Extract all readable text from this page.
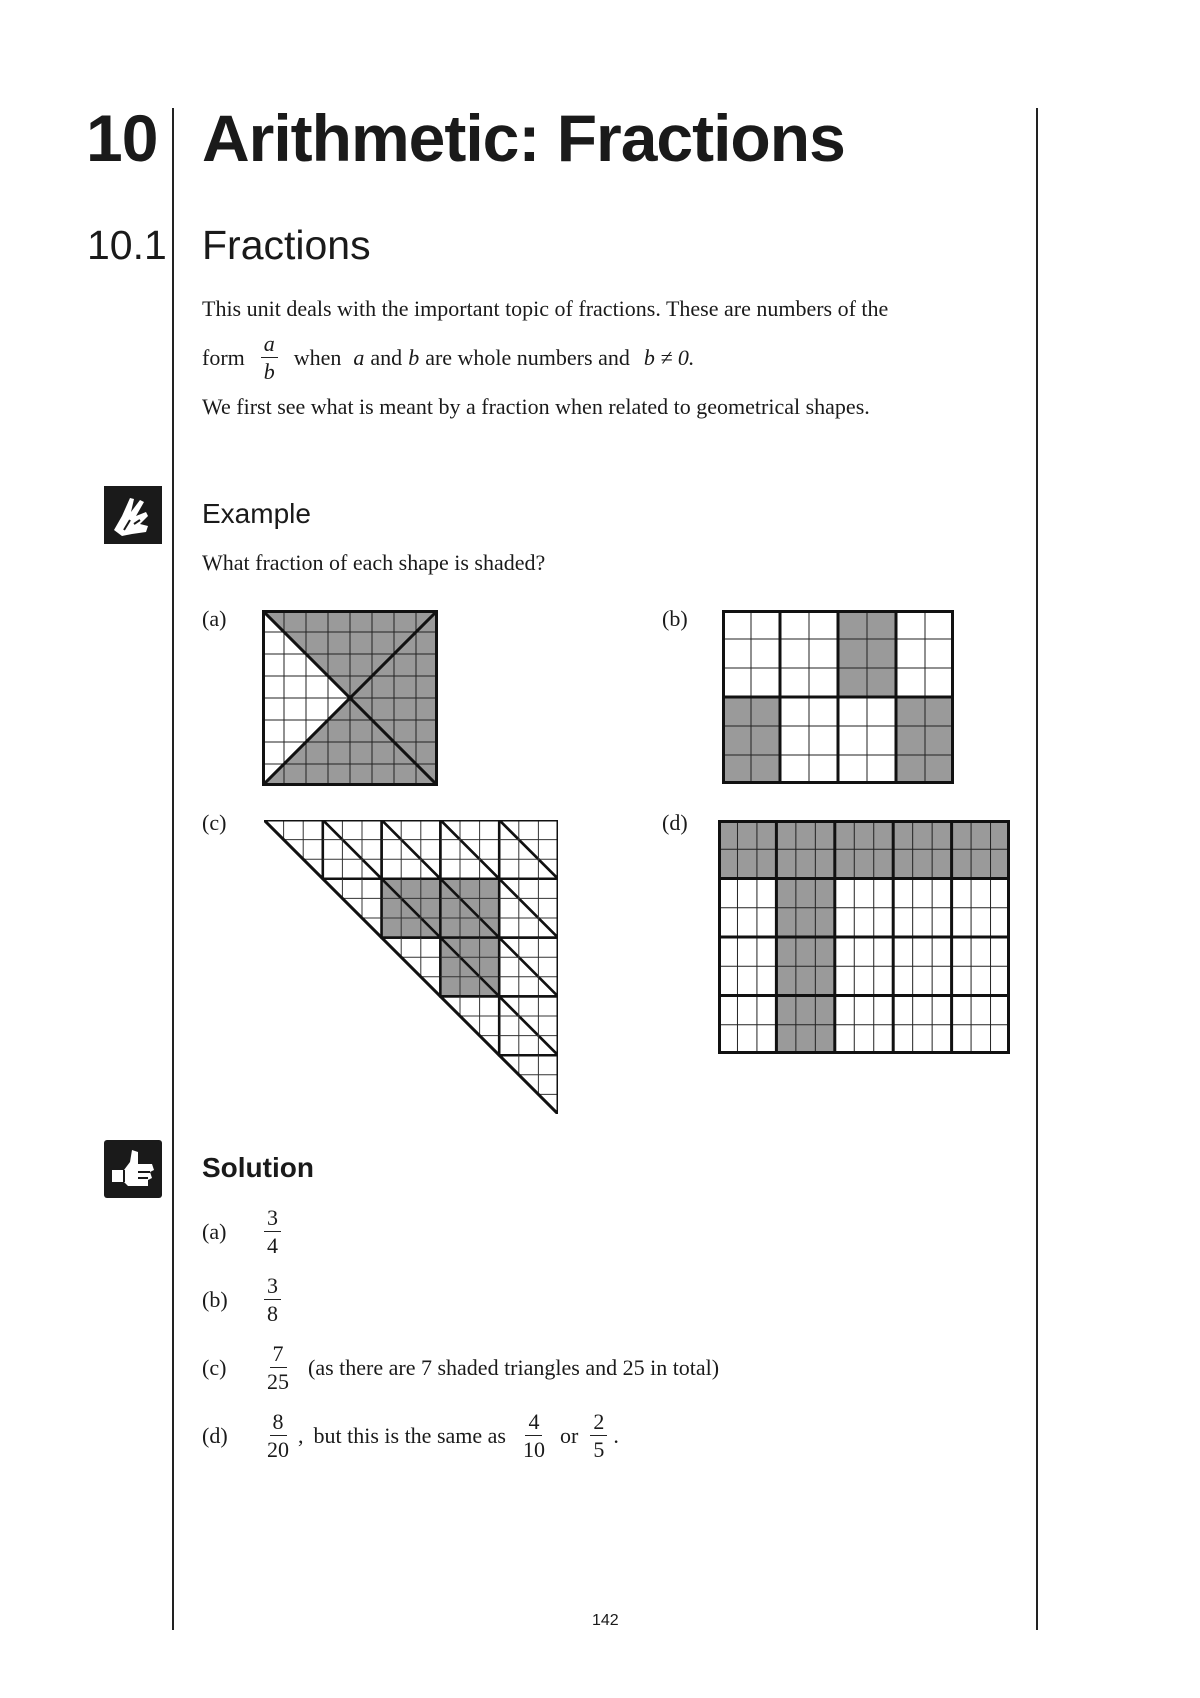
10 Arithmetic: Fractions
10.1 Fractions
This unit deals with the important topic of fractions. These are numbers of the
form $\frac{a}{b}$ when a and b are whole numbers and b ≠ 0.
We first see what is meant by a fraction when related to geometrical shapes.
Example
What fraction of each shape is shaded?
(a)	(b)
(c)	(d)
Solution
(a)	$\frac{3}{4}$
(b)	$\frac{3}{8}$
(c)	$\frac{7}{25} (as$ there are 7 shaded triangles and 25 in total)
(d)	$\frac{8}{20}$ , but this is the same as $\frac{4}{10}$ or $\frac{2}{5}$ .
142
